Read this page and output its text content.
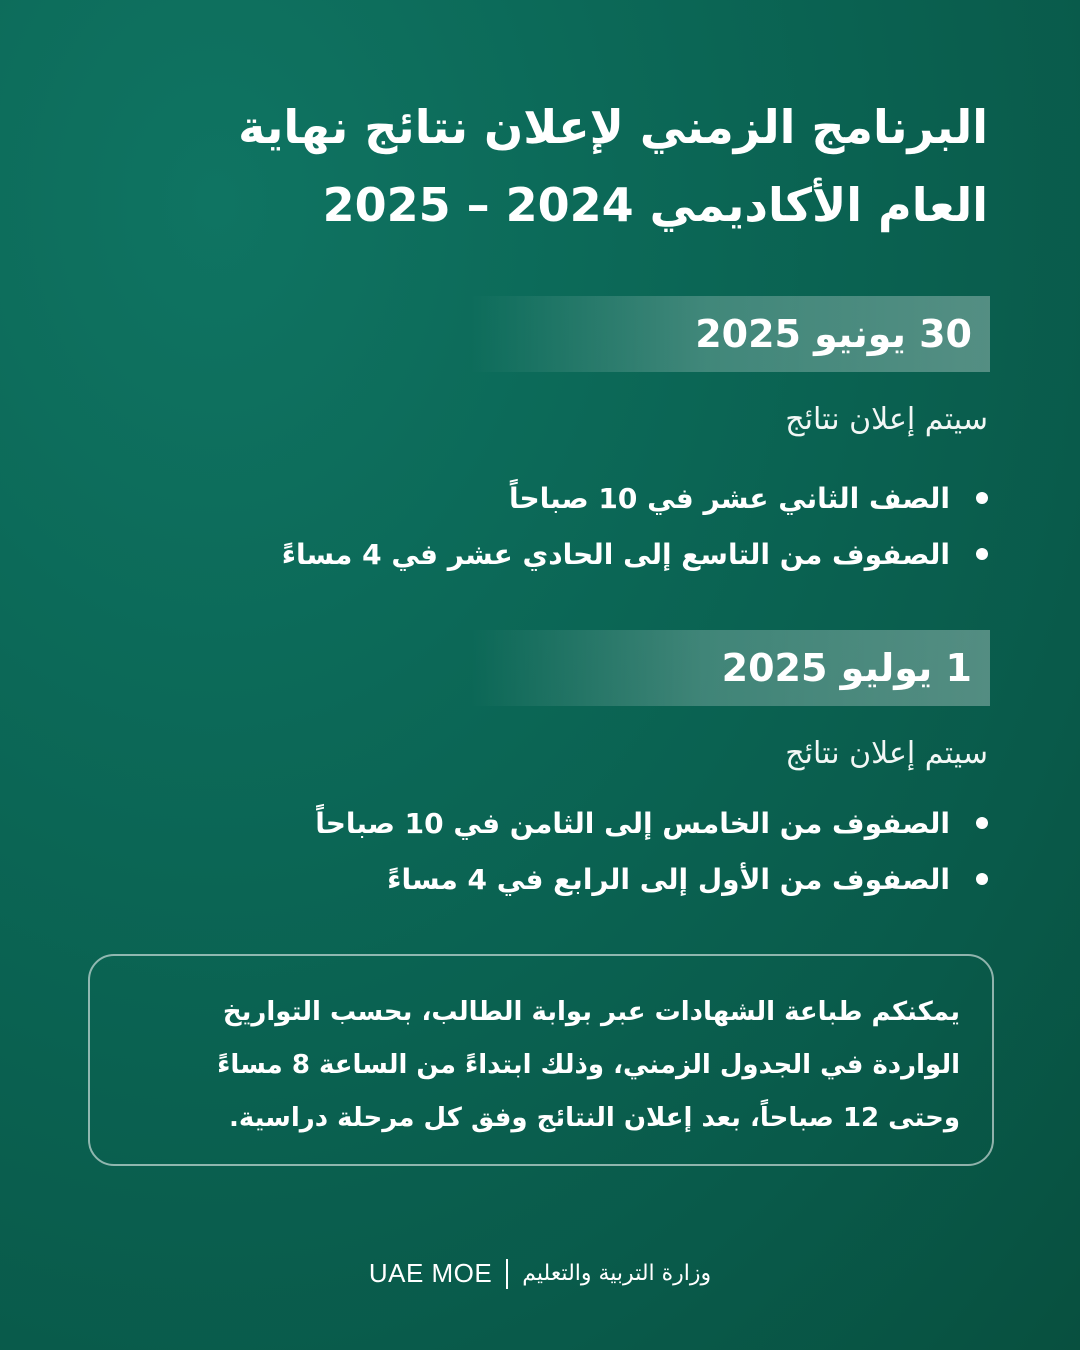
البرنامج الزمني لإعلان نتائج نهاية
العام الأكاديمي 2024 – 2025
30 يونيو 2025
سيتم إعلان نتائج
الصف الثاني عشر في 10 صباحاً
الصفوف من التاسع إلى الحادي عشر في 4 مساءً
1 يوليو 2025
سيتم إعلان نتائج
الصفوف من الخامس إلى الثامن في 10 صباحاً
الصفوف من الأول إلى الرابع في 4 مساءً

يمكنكم طباعة الشهادات عبر بوابة الطالب، بحسب التواريخ

الواردة في الجدول الزمني، وذلك ابتداءً من الساعة 8 مساءً

وحتى 12 صباحاً، بعد إعلان النتائج وفق كل مرحلة دراسية.

UAE MOE وزارة التربية والتعليم
